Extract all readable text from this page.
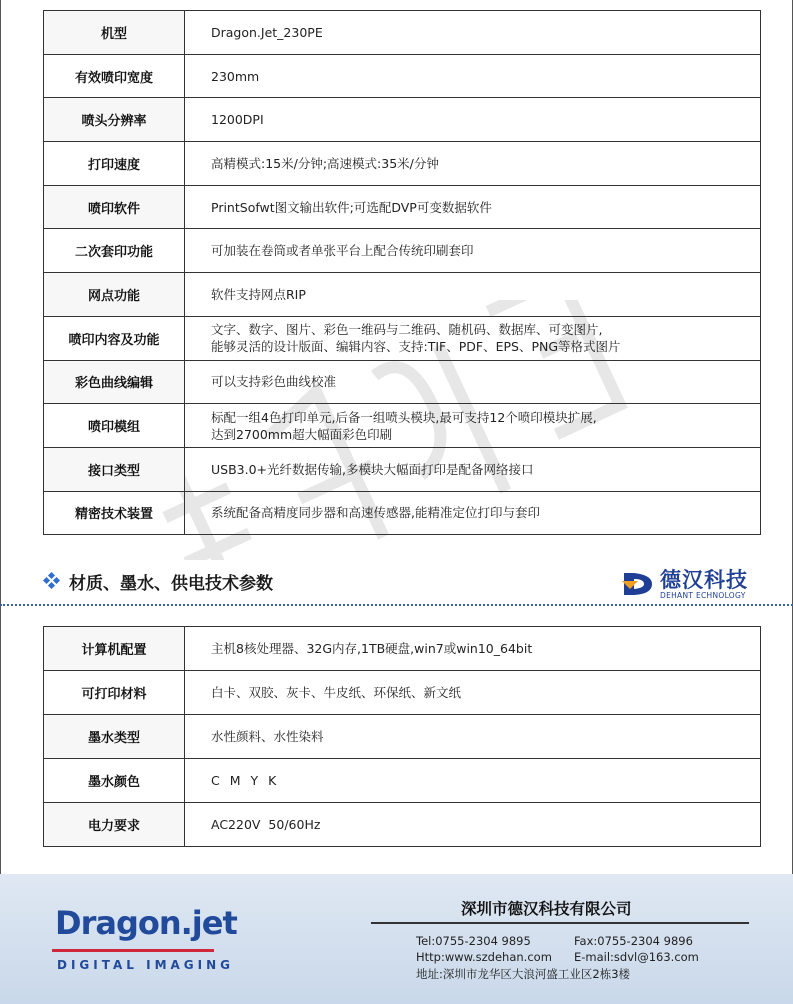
机型	Dragon.Jet_230PE
有效喷印宽度	230mm
喷头分辨率	1200DPI
打印速度	高精模式:15米/分钟;高速模式:35米/分钟
喷印软件	PrintSofwt图文输出软件;可选配DVP可变数据软件
二次套印功能	可加装在卷筒或者单张平台上配合传统印刷套印
网点功能	软件支持网点RIP
喷印内容及功能	文字、数字、图片、彩色一维码与二维码、随机码、数据库、可变图片,
能够灵活的设计版面、编辑内容、支持:TIF、PDF、EPS、PNG等格式图片

彩色曲线编辑	可以支持彩色曲线校准
喷印模组	标配一组4色打印单元,后备一组喷头模块,最可支持12个喷印模块扩展,
达到2700mm超大幅面彩色印刷

接口类型	USB3.0+光纤数据传输,多模块大幅面打印是配备网络接口
精密技术装置	系统配备高精度同步器和高速传感器,能精准定位打印与套印
材质、墨水、供电技术参数	德汉科技
DEHANT ECHNOLOGY
计算机配置	主机8核处理器、32G内存,1TB硬盘,win7或win10_64bit
可打印材料	白卡、双胶、灰卡、牛皮纸、环保纸、新文纸
墨水类型	水性颜料、水性染料
墨水颜色	C M Y K
电力要求	AC220V  50/60Hz
Dragon.jet
DIGITAL IMAGING
深圳市德汉科技有限公司
Tel:0755-2304 9895	Fax:0755-2304 9896
Http:www.szdehan.com E-mail:sdvl@163.com
地址:深圳市龙华区大浪河盛工业区2栋3楼
